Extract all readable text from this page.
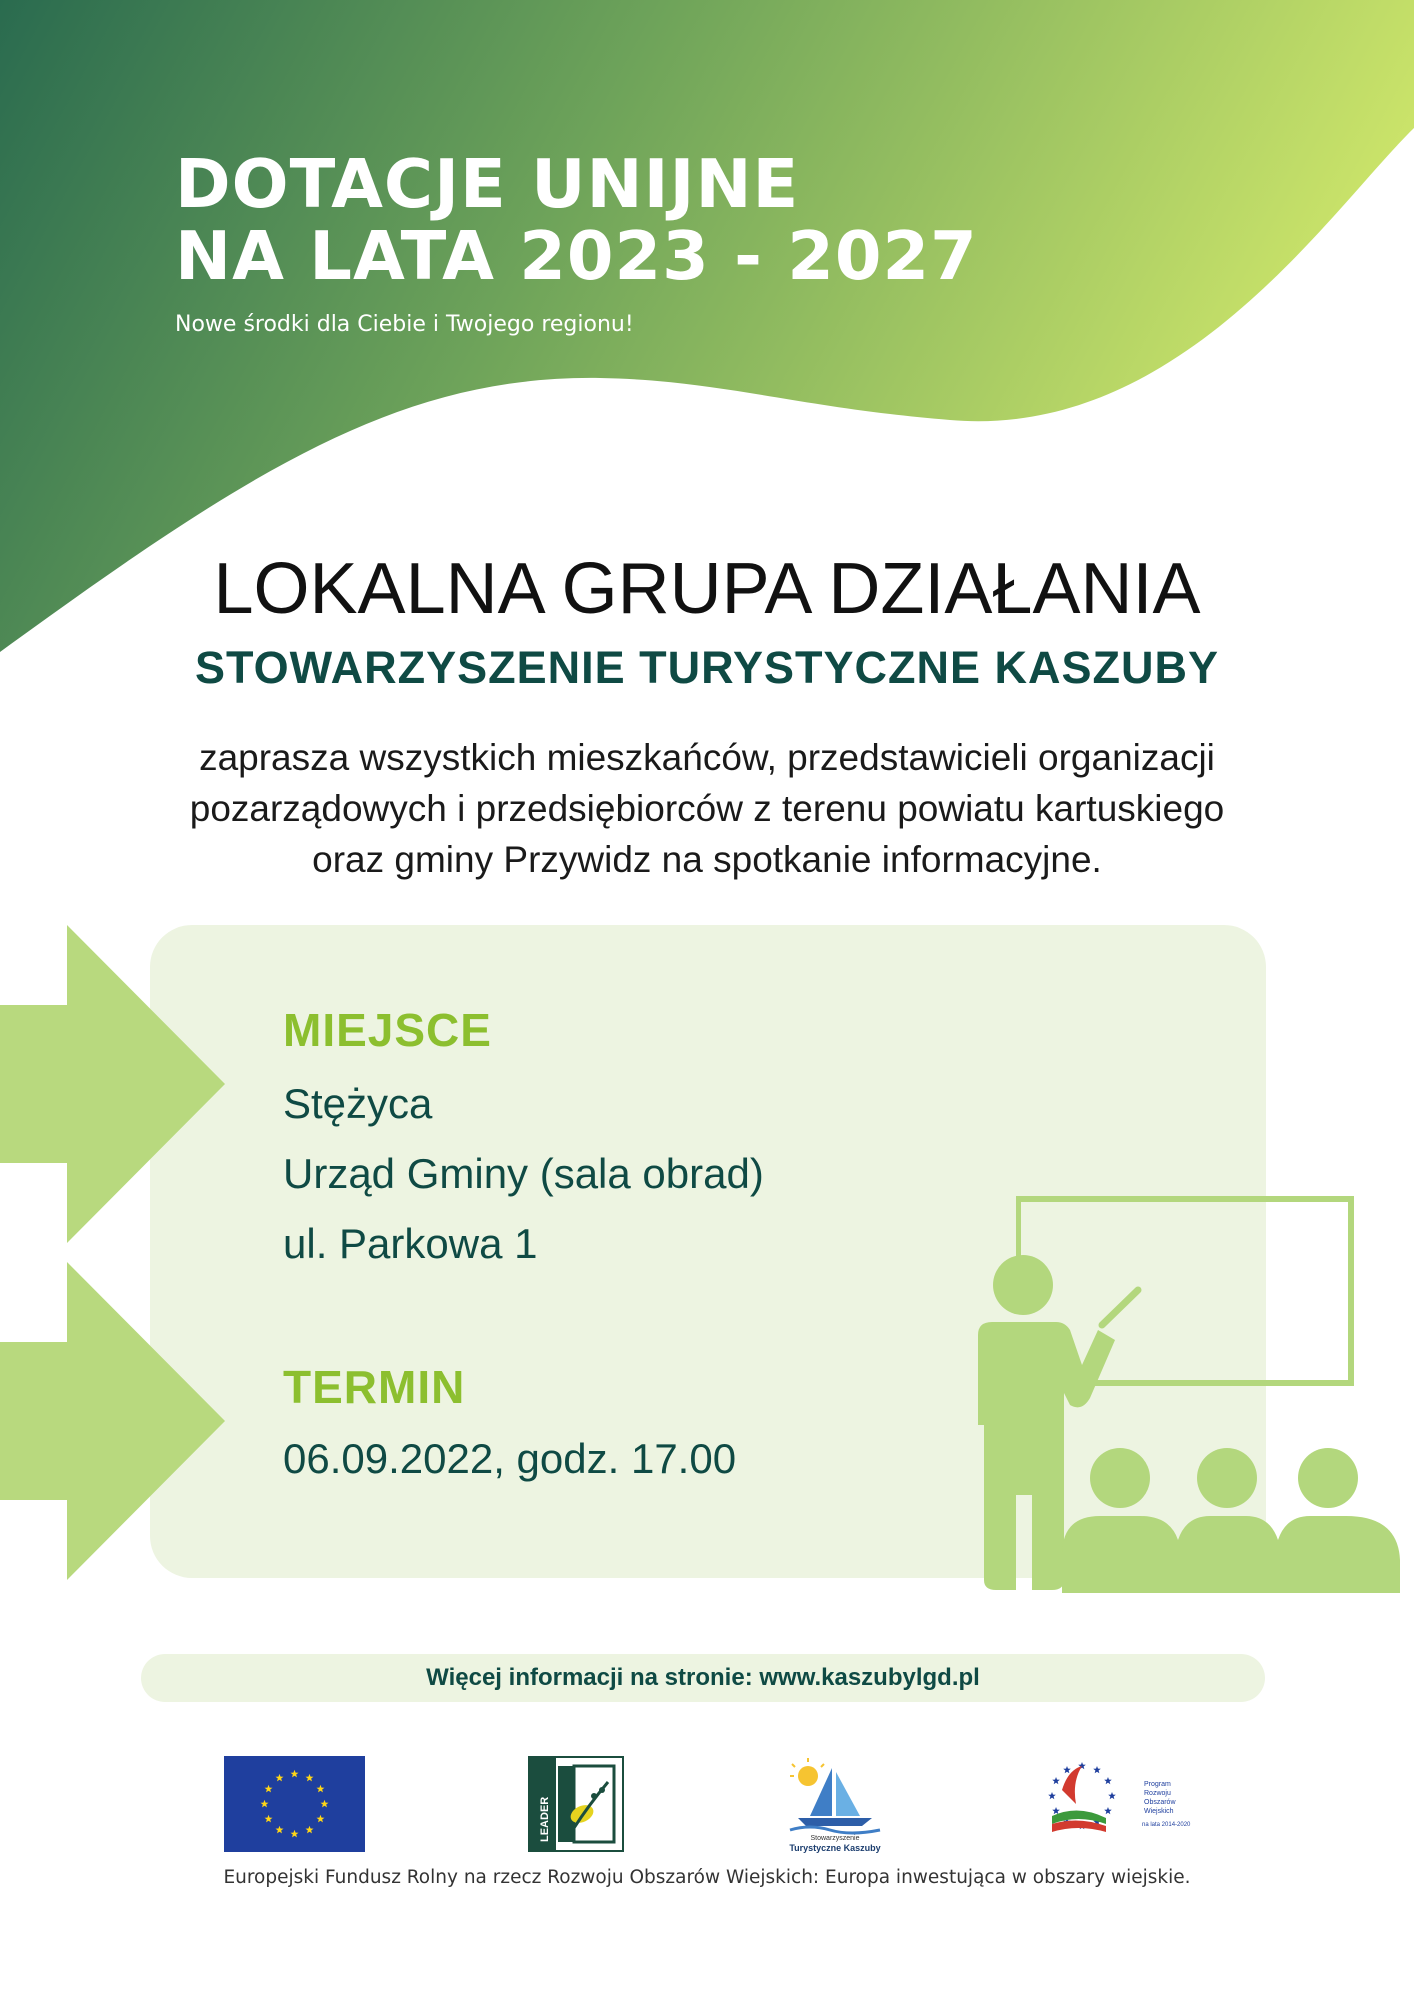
DOTACJE UNIJNE
NA LATA 2023 - 2027
Nowe środki dla Ciebie i Twojego regionu!
LOKALNA GRUPA DZIAŁANIA
STOWARZYSZENIE TURYSTYCZNE KASZUBY
zaprasza wszystkich mieszkańców, przedstawicieli organizacji
pozarządowych i przedsiębiorców z terenu powiatu kartuskiego
oraz gminy Przywidz na spotkanie informacyjne.
MIEJSCE
Stężyca
Urząd Gminy (sala obrad)
ul. Parkowa 1
TERMIN
06.09.2022, godz. 17.00
Więcej informacji na stronie: www.kaszubylgd.pl
LEADER	Stowarzyszenie
Turystyczne Kaszuby
Program
Rozwoju
Obszarów
Wiejskich
na lata 2014-2020
Europejski Fundusz Rolny na rzecz Rozwoju Obszarów Wiejskich: Europa inwestująca w obszary wiejskie.
